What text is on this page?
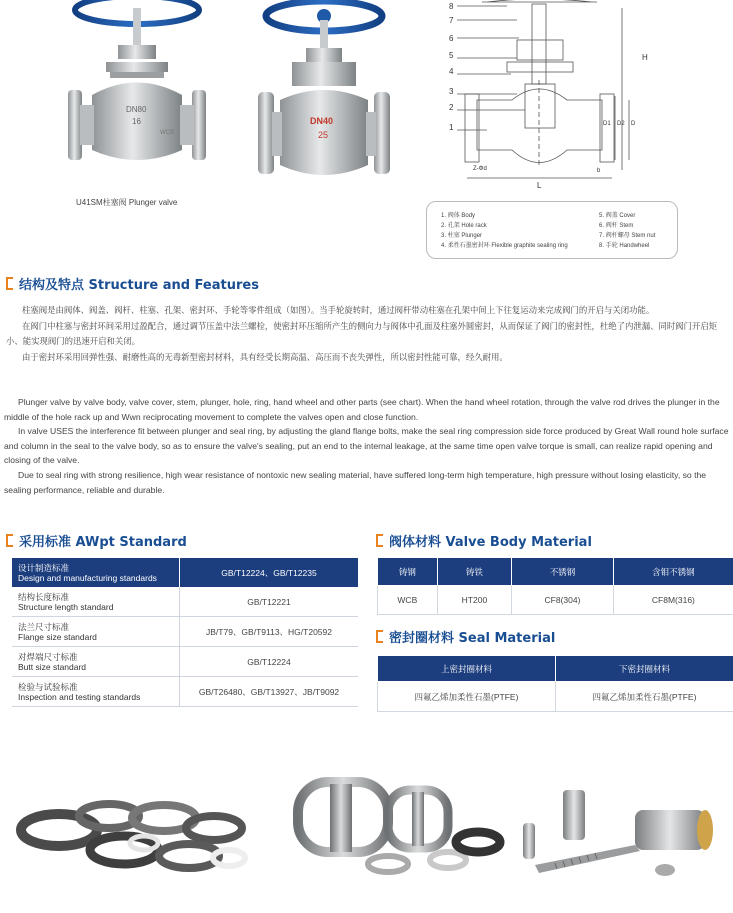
DN80
16
WCB
DN40
25
U41SM柱塞阀 Plunger valve
8
7
6
5
4
3
2
1
H
D1 D2 D
L
Z-Φd	b
1. 阀体 Body
2. 孔架 Hole rack
3. 柱塞 Plunger
4. 柔性石墨密封环 Flexible graphite sealing ring
5. 阀盖 Cover
6. 阀杆 Stem
7. 阀杆螺母 Stem nut
8. 手轮 Handwheel
结构及特点 Structure and Features
柱塞阀是由阀体、阀盖、阀杆、柱塞、孔架、密封环、手轮等零件组成（如图）。当手轮旋转时，通过阀杆带动柱塞在孔架中间上下往复运动来完成阀门的开启与关闭功能。
在阀门中柱塞与密封环间采用过盈配合，通过调节压盖中法兰螺栓，使密封环压缩所产生的侧向力与阀体中孔面及柱塞外圆密封，从而保证了阀门的密封性，杜绝了内泄漏、同时阀门开启矩小、能实现阀门的迅速开启和关闭。
由于密封环采用回弹性强、耐磨性高的无毒新型密封材料，具有经受长期高温、高压而不丧失弹性，所以密封性能可靠，经久耐用。
Plunger valve by valve body, valve cover, stem, plunger, hole, ring, hand wheel and other parts (see chart). When the hand wheel rotation, through the valve rod drives the plunger in the middle of the hole rack up and Wwn reciprocating movement to complete the valves open and close function.
In valve USES the interference fit between plunger and seal ring, by adjusting the gland flange bolts, make the seal ring compression side force produced by Great Wall round hole surface and column in the seal to the valve body, so as to ensure the valve's sealing, put an end to the internal leakage, at the same time open valve torque is small, can realize rapid opening and closing of the valve.
Due to seal ring with strong resilience, high wear resistance of nontoxic new sealing material, have suffered long-term high temperature, high pressure without losing elasticity, so the sealing performance, reliable and durable.
采用标准 AWpt Standard
设计制造标准
Design and manufacturing standards	GB/T12224、GB/T12235

结构长度标准
Structure length standard	GB/T12221

法兰尺寸标准
Flange size standard	JB/T79、GB/T9113、HG/T20592

对焊端尺寸标准
Butt size standard	GB/T12224

检验与试验标准
Inspection and testing standards	GB/T26480、GB/T13927、JB/T9092
阀体材料 Valve Body Material
铸钢	铸铁	不锈钢	含钼不锈钢
WCB	HT200	CF8(304)	CF8M(316)
密封圈材料 Seal Material
上密封圈材料	下密封圈材料
四氟乙烯加柔性石墨(PTFE)	四氟乙烯加柔性石墨(PTFE)
